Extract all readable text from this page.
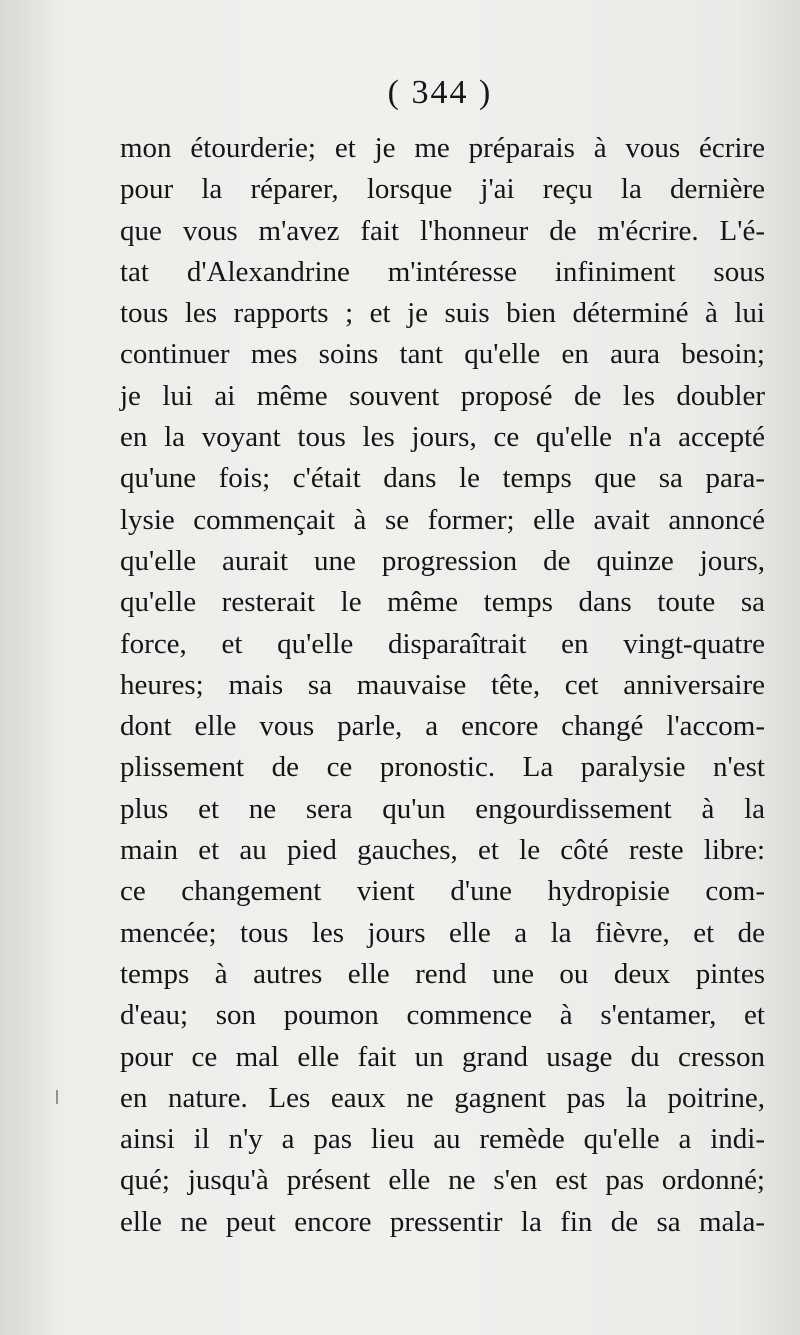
( 344 )
mon étourderie; et je me préparais à vous écrire
pour la réparer, lorsque j'ai reçu la dernière
que vous m'avez fait l'honneur de m'écrire. L'é-
tat d'Alexandrine m'intéresse infiniment sous
tous les rapports ; et je suis bien déterminé à lui
continuer mes soins tant qu'elle en aura besoin;
je lui ai même souvent proposé de les doubler
en la voyant tous les jours, ce qu'elle n'a accepté
qu'une fois; c'était dans le temps que sa para-
lysie commençait à se former; elle avait annoncé
qu'elle aurait une progression de quinze jours,
qu'elle resterait le même temps dans toute sa
force, et qu'elle disparaîtrait en vingt-quatre
heures; mais sa mauvaise tête, cet anniversaire
dont elle vous parle, a encore changé l'accom-
plissement de ce pronostic. La paralysie n'est
plus et ne sera qu'un engourdissement à la
main et au pied gauches, et le côté reste libre:
ce changement vient d'une hydropisie com-
mencée; tous les jours elle a la fièvre, et de
temps à autres elle rend une ou deux pintes
d'eau; son poumon commence à s'entamer, et
pour ce mal elle fait un grand usage du cresson
en nature. Les eaux ne gagnent pas la poitrine,
ainsi il n'y a pas lieu au remède qu'elle a indi-
qué; jusqu'à présent elle ne s'en est pas ordonné;
elle ne peut encore pressentir la fin de sa mala-
